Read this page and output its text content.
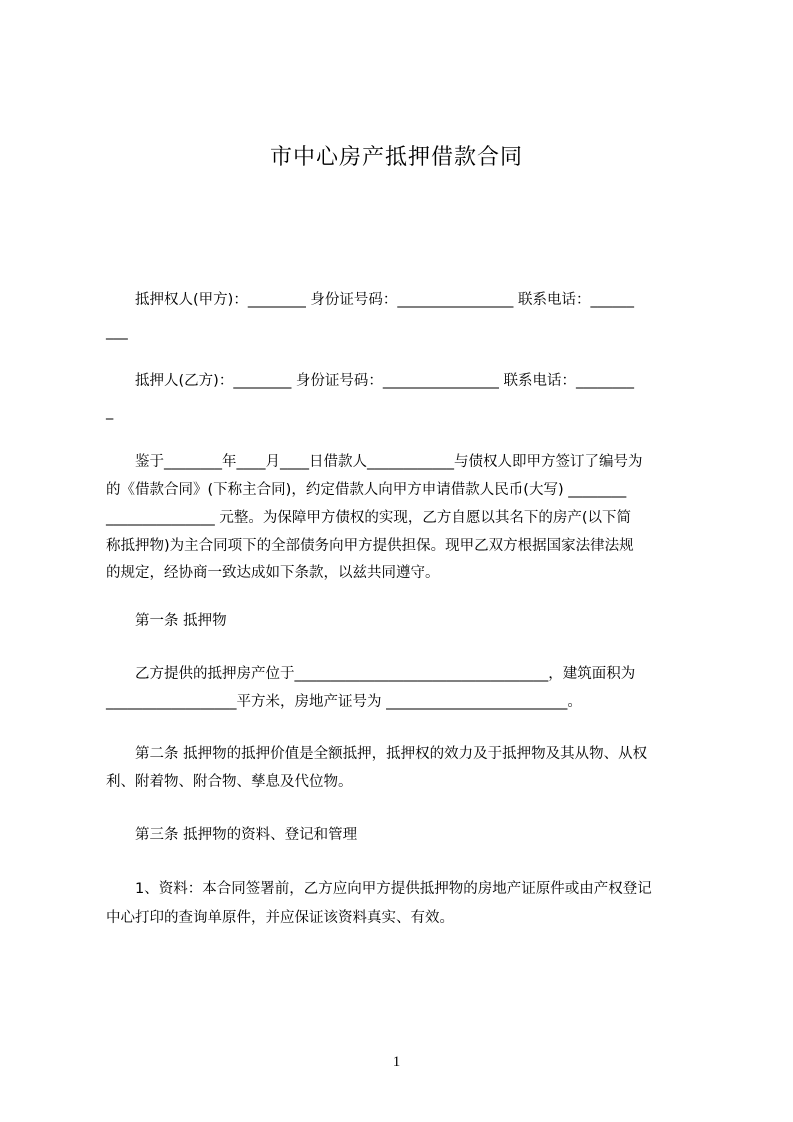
市中心房产抵押借款合同

　　抵押权人(甲方)：________ 身份证号码：________________ 联系电话：______

___

　　抵押人(乙方)：________ 身份证号码：________________ 联系电话：________

_

　　鉴于________年____月____日借款人____________与债权人即甲方签订了编号为

的《借款合同》(下称主合同)，约定借款人向甲方申请借款人民币(大写) ________

_______________ 元整。为保障甲方债权的实现，乙方自愿以其名下的房产(以下简

称抵押物)为主合同项下的全部债务向甲方提供担保。现甲乙双方根据国家法律法规

的规定，经协商一致达成如下条款，以兹共同遵守。

　　第一条 抵押物

　　乙方提供的抵押房产位于___________________________________，建筑面积为

__________________平方米，房地产证号为 _________________________。

　　第二条 抵押物的抵押价值是全额抵押，抵押权的效力及于抵押物及其从物、从权

利、附着物、附合物、孳息及代位物。

　　第三条 抵押物的资料、登记和管理

　　1、资料：本合同签署前，乙方应向甲方提供抵押物的房地产证原件或由产权登记

中心打印的查询单原件，并应保证该资料真实、有效。

1
